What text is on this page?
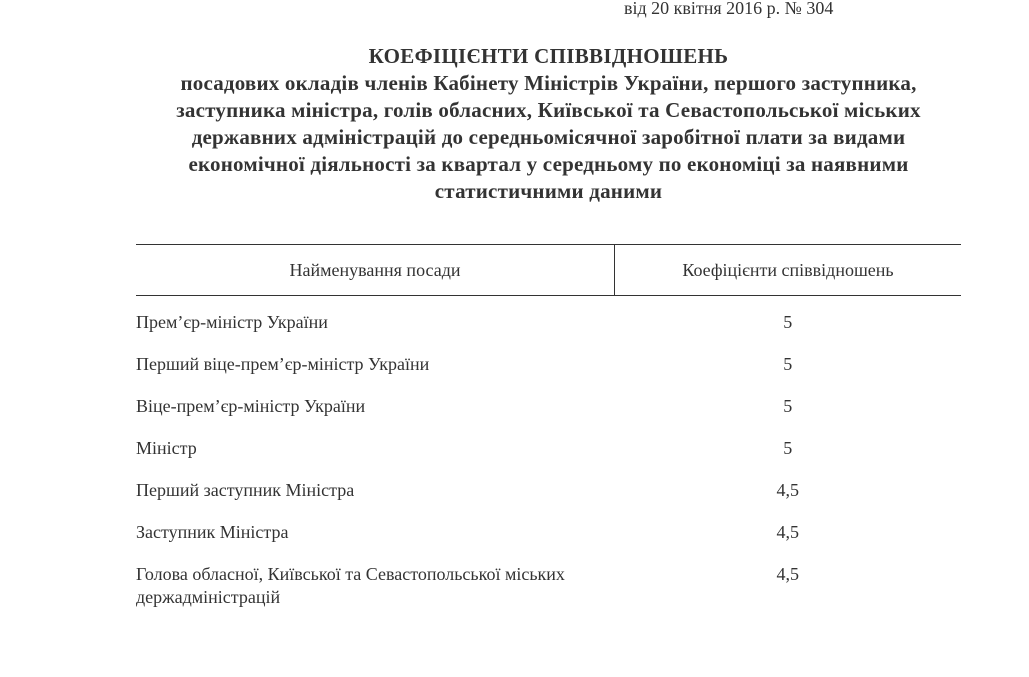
від 20 квітня 2016 р. № 304
КОЕФІЦІЄНТИ СПІВВІДНОШЕНЬ
посадових окладів членів Кабінету Міністрів України, першого заступника, заступника міністра, голів обласних, Київської та Севастопольської міських державних адміністрацій до середньомісячної заробітної плати за видами економічної діяльності за квартал у середньому по економіці за наявними статистичними даними
Найменування посади	Коефіцієнти співвідношень

Прем’єр-міністр України	5

Перший віце-прем’єр-міністр України	5

Віце-прем’єр-міністр України	5

Міністр	5

Перший заступник Міністра	4,5

Заступник Міністра	4,5

Голова обласної, Київської та Севастопольської міських держадміністрацій	4,5
